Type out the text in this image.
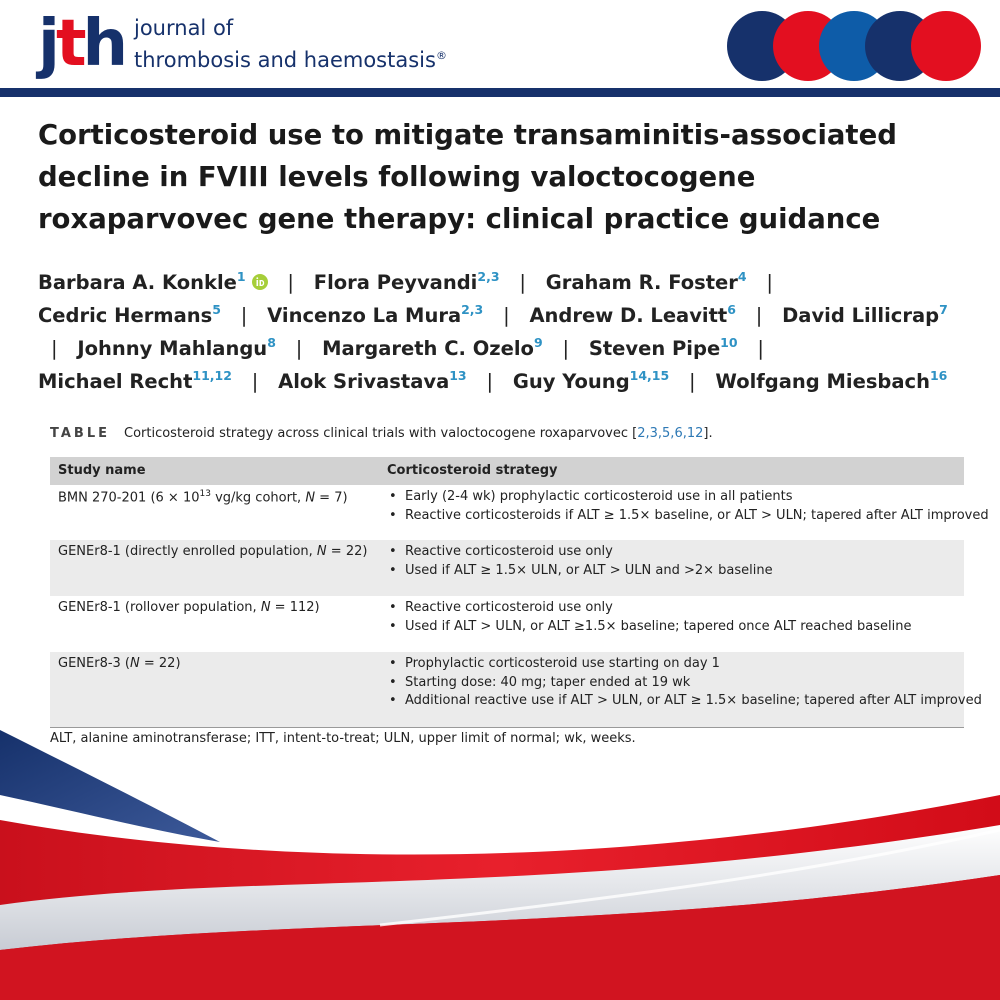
jth journal of
thrombosis and haemostasis®
Corticosteroid use to mitigate transaminitis-associated decline in FVIII levels following valoctocogene roxaparvovec gene therapy: clinical practice guidance
Barbara A. Konkle$^1$ | Flora Peyvandi$^{2,3}$ | Graham R. Foster$^4$ | Cedric Hermans$^5$ | Vincenzo La Mura$^{2,3}$ | Andrew D. Leavitt$^6$ | David Lillicrap$^7$ | Johnny Mahlangu$^8$ | Margareth C. Ozelo$^9$ | Steven Pipe$^{10}$ | Michael Recht$^{11,12}$ | Alok Srivastava$^{13}$ | Guy Young$^{14,15}$ | Wolfgang Miesbach$^{16}$
TABLE Corticosteroid strategy across clinical trials with valoctocogene roxaparvovec [2,3,5,6,12].
Study name	Corticosteroid strategy
BMN 270-201 ($6 \times 10^{13}$ vg/kg cohort, N = 7)	• Early (2-4 wk) prophylactic corticosteroid use in all patients
• Reactive corticosteroids if ALT ≥ 1.5× baseline, or ALT > ULN; tapered after ALT improved
GENEr8-1 (directly enrolled population, N = 22)	• Reactive corticosteroid use only
• Used if ALT ≥ 1.5× ULN, or ALT > ULN and >2× baseline
GENEr8-1 (rollover population, N = 112)	• Reactive corticosteroid use only
• Used if ALT > ULN, or ALT ≥1.5× baseline; tapered once ALT reached baseline
GENEr8-3 (N = 22)	• Prophylactic corticosteroid use starting on day 1
• Starting dose: 40 mg; taper ended at 19 wk
• Additional reactive use if ALT > ULN, or ALT ≥ 1.5× baseline; tapered after ALT improved
ALT, alanine aminotransferase; ITT, intent-to-treat; ULN, upper limit of normal; wk, weeks.
